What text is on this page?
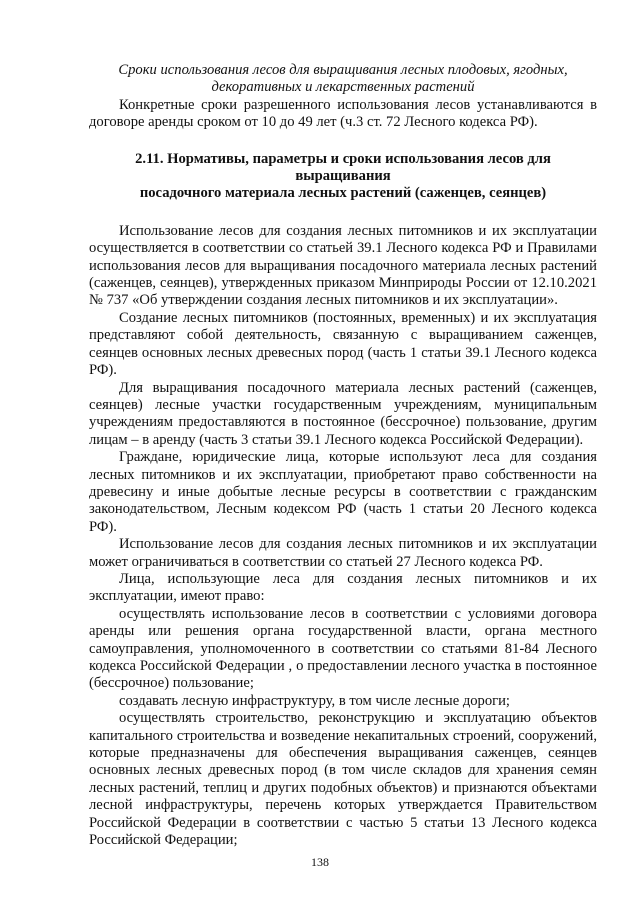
Сроки использования лесов для выращивания лесных плодовых, ягодных,
декоративных и лекарственных растений

Конкретные сроки разрешенного использования лесов устанавливаются в договоре аренды сроком от 10 до 49 лет (ч.3 ст. 72 Лесного кодекса РФ).

2.11. Нормативы, параметры и сроки использования лесов для выращивания
посадочного материала лесных растений (саженцев, сеянцев)

Использование лесов для создания лесных питомников и их эксплуатации осуществляется в соответствии со статьей 39.1 Лесного кодекса РФ и Правилами использования лесов для выращивания посадочного материала лесных растений (саженцев, сеянцев), утвержденных приказом Минприроды России от 12.10.2021 № 737 «Об утверждении создания лесных питомников и их эксплуатации».

Создание лесных питомников (постоянных, временных) и их эксплуатация представляют собой деятельность, связанную с выращиванием саженцев, сеянцев основных лесных древесных пород (часть 1 статьи 39.1 Лесного кодекса РФ).

Для выращивания посадочного материала лесных растений (саженцев, сеянцев) лесные участки государственным учреждениям, муниципальным учреждениям предоставляются в постоянное (бессрочное) пользование, другим лицам – в аренду (часть 3 статьи 39.1 Лесного кодекса Российской Федерации).

Граждане, юридические лица, которые используют леса для создания лесных питомников и их эксплуатации, приобретают право собственности на древесину и иные добытые лесные ресурсы в соответствии с гражданским законодательством, Лесным кодексом РФ (часть 1 статьи 20 Лесного кодекса РФ).

Использование лесов для создания лесных питомников и их эксплуатации может ограничиваться в соответствии со статьей 27 Лесного кодекса РФ.

Лица, использующие леса для создания лесных питомников и их эксплуатации, имеют право:

осуществлять использование лесов в соответствии с условиями договора аренды или решения органа государственной власти, органа местного самоуправления, уполномоченного в соответствии со статьями 81-84 Лесного кодекса Российской Федерации , о предоставлении лесного участка в постоянное (бессрочное) пользование;

создавать лесную инфраструктуру, в том числе лесные дороги;

осуществлять строительство, реконструкцию и эксплуатацию объектов капитального строительства и возведение некапитальных строений, сооружений, которые предназначены для обеспечения выращивания саженцев, сеянцев основных лесных древесных пород (в том числе складов для хранения семян лесных растений, теплиц и других подобных объектов) и признаются объектами лесной инфраструктуры, перечень которых утверждается Правительством Российской Федерации в соответствии с частью 5 статьи 13 Лесного кодекса Российской Федерации;

138
